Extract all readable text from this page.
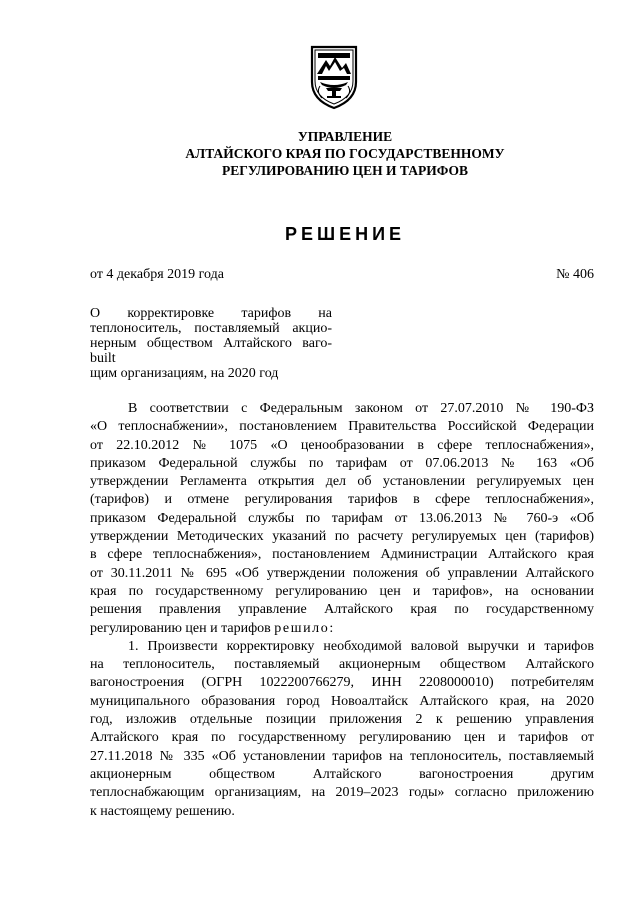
УПРАВЛЕНИЕ
АЛТАЙСКОГО КРАЯ ПО ГОСУДАРСТВЕННОМУ
РЕГУЛИРОВАНИЮ ЦЕН И ТАРИФОВ
РЕШЕНИЕ
от 4 декабря 2019 года	№ 406
О корректировке тарифов на
теплоноситель, поставляемый акцио-
нерным обществом Алтайского ваго-
built
щим организациям, на 2020 год
В соответствии с Федеральным законом от 27.07.2010 № 190-ФЗ
«О теплоснабжении», постановлением Правительства Российской Федерации
от 22.10.2012 № 1075 «О ценообразовании в сфере теплоснабжения»,
приказом Федеральной службы по тарифам от 07.06.2013 № 163 «Об
утверждении Регламента открытия дел об установлении регулируемых цен
(тарифов) и отмене регулирования тарифов в сфере теплоснабжения»,
приказом Федеральной службы по тарифам от 13.06.2013 № 760-э «Об
утверждении Методических указаний по расчету регулируемых цен (тарифов)
в сфере теплоснабжения», постановлением Администрации Алтайского края
от 30.11.2011 № 695 «Об утверждении положения об управлении Алтайского
края по государственному регулированию цен и тарифов», на основании
решения правления управление Алтайского края по государственному
регулированию цен и тарифов решило:
1. Произвести корректировку необходимой валовой выручки и тарифов
на теплоноситель, поставляемый акционерным обществом Алтайского
вагоностроения (ОГРН 1022200766279, ИНН 2208000010) потребителям
муниципального образования город Новоалтайск Алтайского края, на 2020
год, изложив отдельные позиции приложения 2 к решению управления
Алтайского края по государственному регулированию цен и тарифов от
27.11.2018 № 335 «Об установлении тарифов на теплоноситель, поставляемый
акционерным обществом Алтайского вагоностроения другим
теплоснабжающим организациям, на 2019–2023 годы» согласно приложению
к настоящему решению.
